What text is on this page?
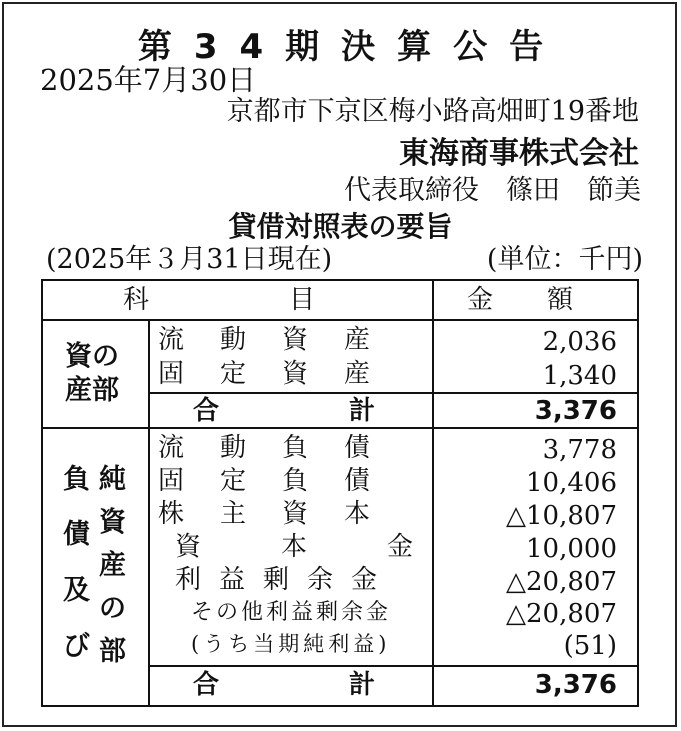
第34期決算公告
2025年7月30日
京都市下京区梅小路高畑町19番地
東海商事株式会社
代表取締役　篠田　節美
貸借対照表の要旨
(2025年３月31日現在)	(単位：千円)
科目 金額
資の
産部
流動資産	2,036
固定資産	1,340
合計 3,376
負
債
及
び
純
資
産
の
部
流動負債	3,778
固定負債	10,406
株主資本	△10,807
資本金 10,000
利益剰余金	△20,807
その他利益剰余金	△20,807
(うち当期純利益)	(51)
合計 3,376
